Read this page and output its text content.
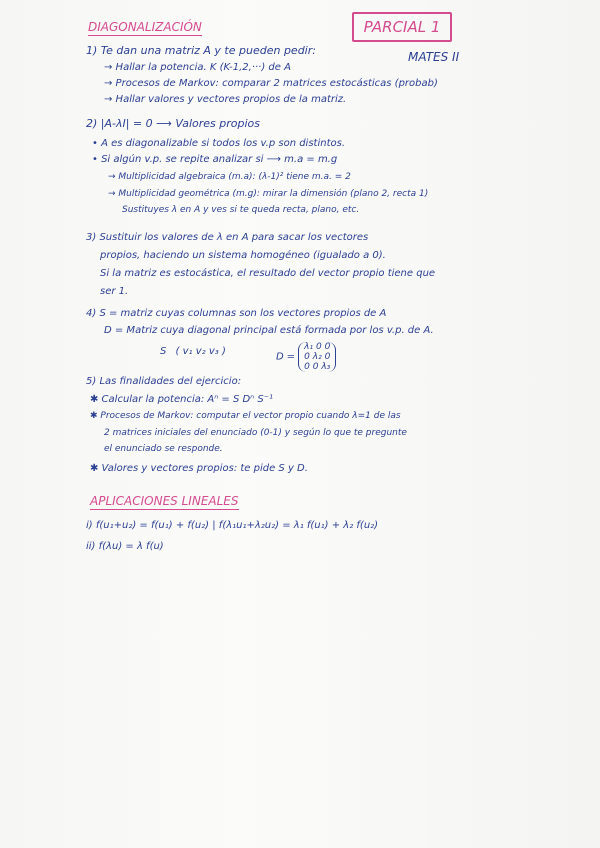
DIAGONALIZACIÓN	PARCIAL 1
MATES II
1) Te dan una matriz A y te pueden pedir:
→ Hallar la potencia. K (K-1,2,···) de A
→ Procesos de Markov: comparar 2 matrices estocásticas (probab)
→ Hallar valores y vectores propios de la matriz.
2) |A-λI| = 0 ⟶ Valores propios
• A es diagonalizable si todos los v.p son distintos.
• Si algún v.p. se repite analizar si ⟶ m.a = m.g
→ Multiplicidad algebraica (m.a): (λ-1)² tiene m.a. = 2
→ Multiplicidad geométrica (m.g): mirar la dimensión (plano 2, recta 1)
Sustituyes λ en A y ves si te queda recta, plano, etc.
3) Sustituir los valores de λ en A para sacar los vectores
propios, haciendo un sistema homogéneo (igualado a 0).
Si la matriz es estocástica, el resultado del vector propio tiene que
ser 1.
4) S = matriz cuyas columnas son los vectores propios de A
D = Matriz cuya diagonal principal está formada por los v.p. de A.
S ( v₁ v₂ v₃ )	D =
λ₁ 0 0
0 λ₂ 0
0 0 λ₃
5) Las finalidades del ejercicio:
✱ Calcular la potencia: Aⁿ = S Dⁿ S⁻¹
✱ Procesos de Markov: computar el vector propio cuando λ=1 de las
2 matrices iniciales del enunciado (0-1) y según lo que te pregunte
el enunciado se responde.
✱ Valores y vectores propios: te pide S y D.
APLICACIONES LINEALES
i) f(u₁+u₂) = f(u₁) + f(u₂) | f(λ₁u₁+λ₂u₂) = λ₁ f(u₁) + λ₂ f(u₂)
ii) f(λu) = λ f(u)
